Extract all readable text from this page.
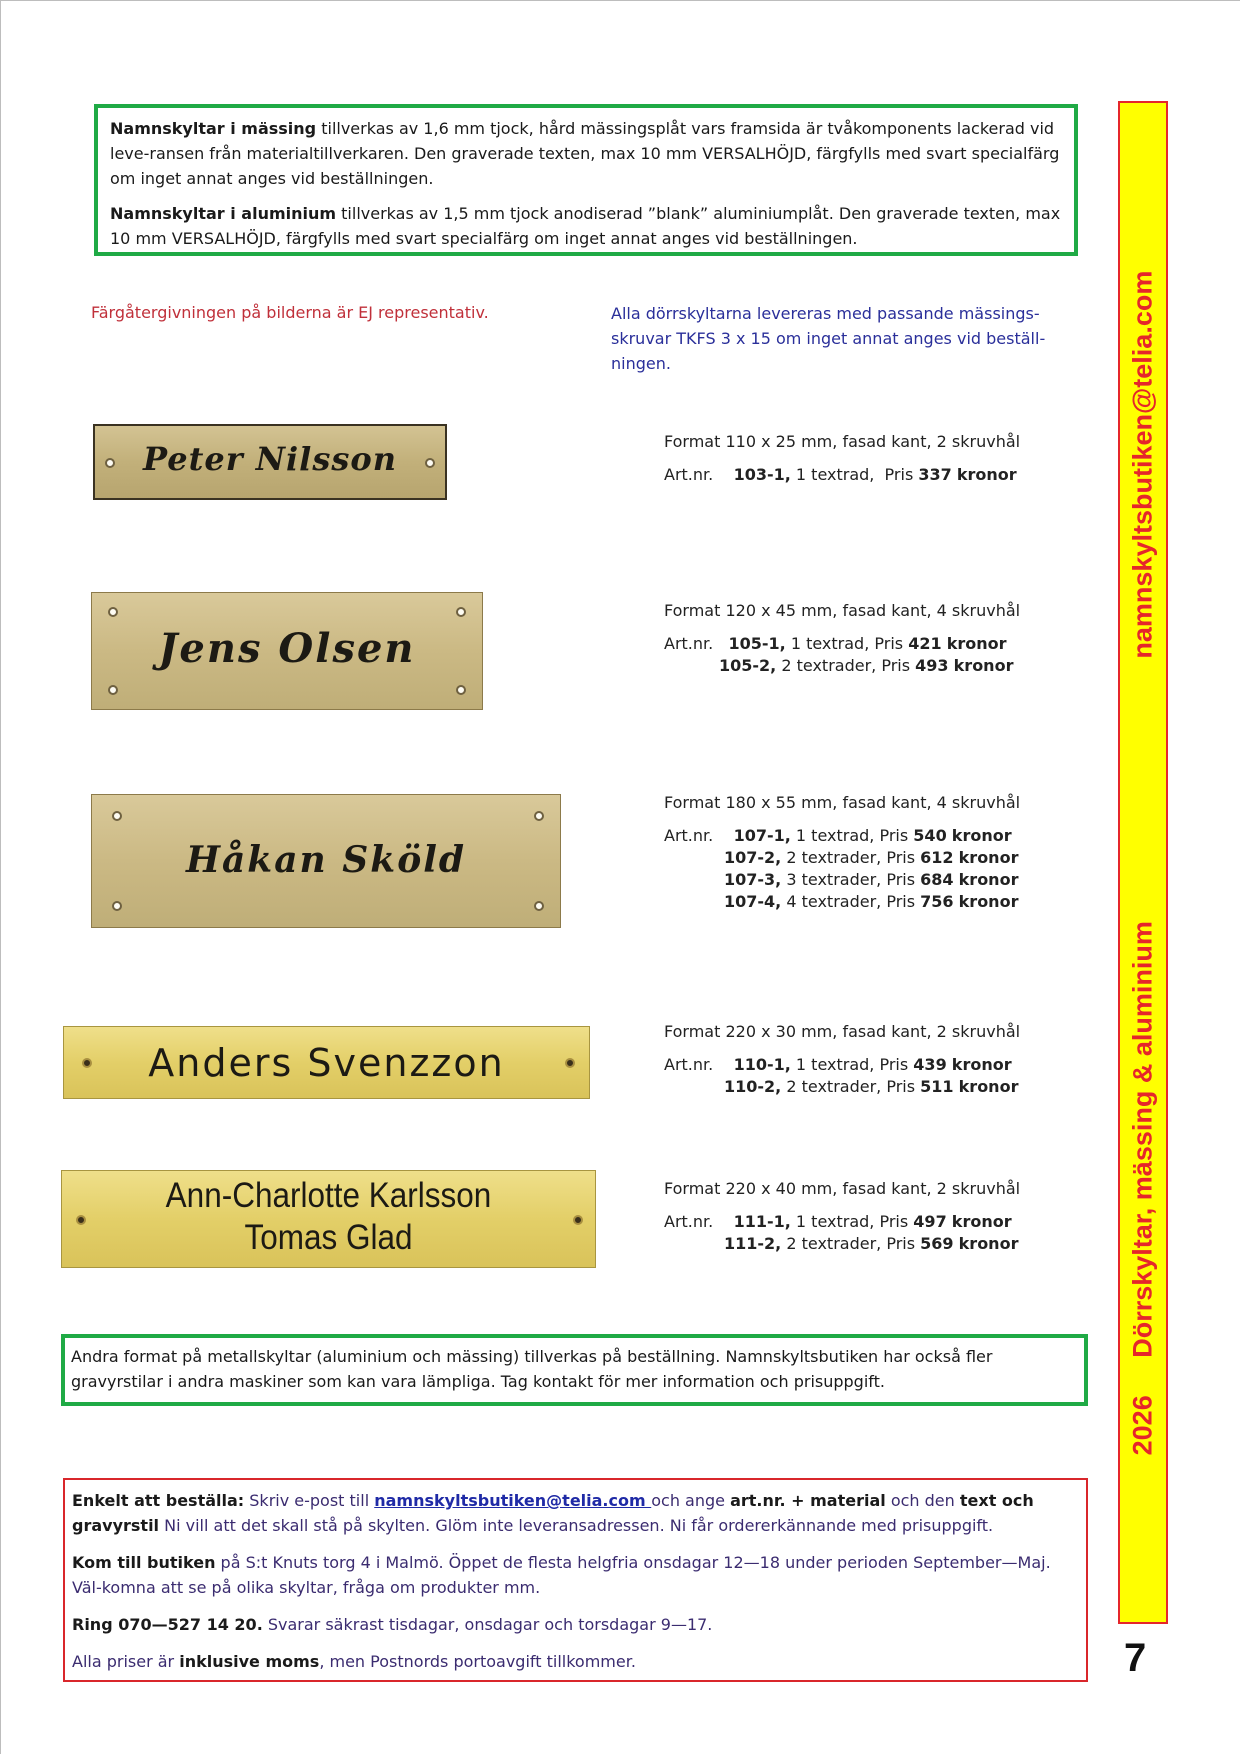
Namnskyltar i mässing tillverkas av 1,6 mm tjock, hård mässingsplåt vars framsida är tvåkomponents lackerad vid leve-ransen från materialtillverkaren. Den graverade texten, max 10 mm VERSALHÖJD, färgfylls med svart specialfärg om inget annat anges vid beställningen.

Namnskyltar i aluminium tillverkas av 1,5 mm tjock anodiserad ”blank” aluminiumplåt. Den graverade texten, max 10 mm VERSALHÖJD, färgfylls med svart specialfärg om inget annat anges vid beställningen.

Färgåtergivningen på bilderna är EJ representativ.	Alla dörrskyltarna levereras med passande mässings-skruvar TKFS 3 x 15 om inget annat anges vid beställ-ningen.
Peter Nilsson	Format 110 x 25 mm, fasad kant, 2 skruvhål
Art.nr. 103-1, 1 textrad, Pris 337 kronor
Jens Olsen
Format 120 x 45 mm, fasad kant, 4 skruvhål
Art.nr. 105-1, 1 textrad, Pris 421 kronor
105-2, 2 textrader, Pris 493 kronor
Håkan Sköld
Format 180 x 55 mm, fasad kant, 4 skruvhål
Art.nr. 107-1, 1 textrad, Pris 540 kronor
107-2, 2 textrader, Pris 612 kronor
107-3, 3 textrader, Pris 684 kronor
107-4, 4 textrader, Pris 756 kronor
Anders Svenzzon
Format 220 x 30 mm, fasad kant, 2 skruvhål
Art.nr. 110-1, 1 textrad, Pris 439 kronor
110-2, 2 textrader, Pris 511 kronor
Ann-Charlotte Karlsson
Tomas Glad
Format 220 x 40 mm, fasad kant, 2 skruvhål
Art.nr. 111-1, 1 textrad, Pris 497 kronor
111-2, 2 textrader, Pris 569 kronor

Andra format på metallskyltar (aluminium och mässing) tillverkas på beställning. Namnskyltsbutiken har också fler gravyrstilar i andra maskiner som kan vara lämpliga. Tag kontakt för mer information och prisuppgift.

Enkelt att beställa: Skriv e-post till namnskyltsbutiken@telia.com och ange art.nr. + material och den text och gravyrstil Ni vill att det skall stå på skylten. Glöm inte leveransadressen. Ni får ordererkännande med prisuppgift.

Kom till butiken på S:t Knuts torg 4 i Malmö. Öppet de flesta helgfria onsdagar 12—18 under perioden September—Maj. Väl-komna att se på olika skyltar, fråga om produkter mm.

Ring 070—527 14 20. Svarar säkrast tisdagar, onsdagar och torsdagar 9—17.

Alla priser är inklusive moms, men Postnords portoavgift tillkommer.

2026     Dörrskyltar, mässing & aluminium                                   namnskyltsbutiken@telia.com
7
